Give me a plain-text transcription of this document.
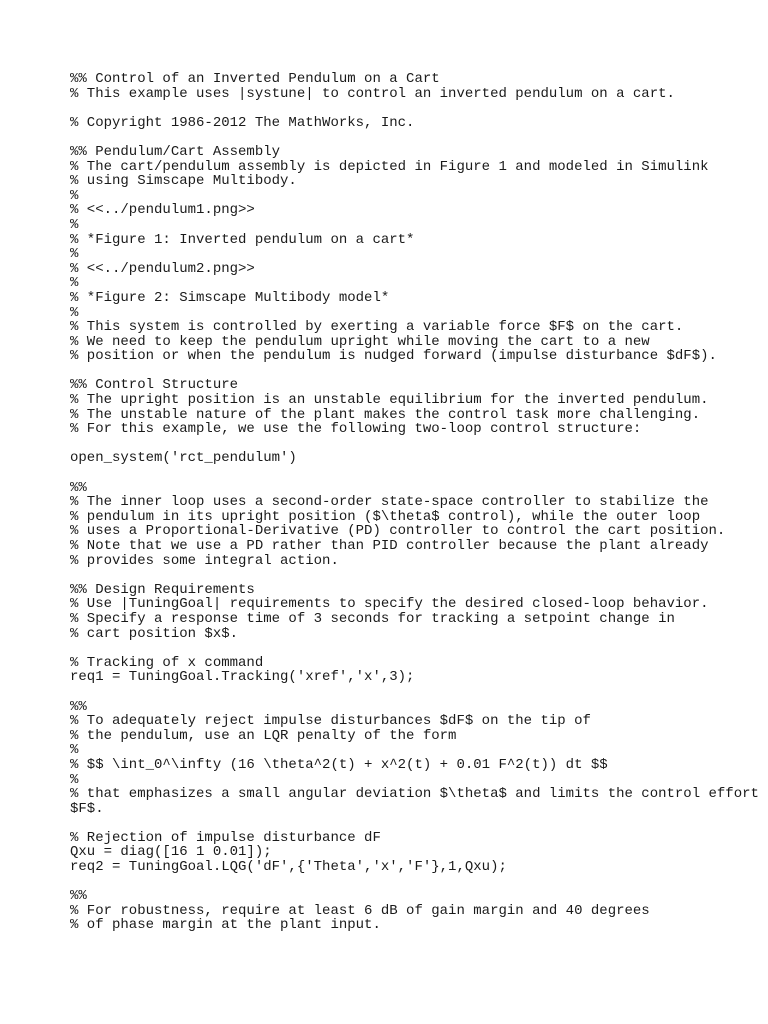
%% Control of an Inverted Pendulum on a Cart
% This example uses |systune| to control an inverted pendulum on a cart.
% Copyright 1986-2012 The MathWorks, Inc.
%% Pendulum/Cart Assembly
% The cart/pendulum assembly is depicted in Figure 1 and modeled in Simulink
% using Simscape Multibody.
%
% <<../pendulum1.png>>
%
% *Figure 1: Inverted pendulum on a cart*
%
% <<../pendulum2.png>>
%
% *Figure 2: Simscape Multibody model*
%
% This system is controlled by exerting a variable force $F$ on the cart.
% We need to keep the pendulum upright while moving the cart to a new
% position or when the pendulum is nudged forward (impulse disturbance $dF$).
%% Control Structure
% The upright position is an unstable equilibrium for the inverted pendulum.
% The unstable nature of the plant makes the control task more challenging.
% For this example, we use the following two-loop control structure:
open_system('rct_pendulum')
%%
% The inner loop uses a second-order state-space controller to stabilize the
% pendulum in its upright position ($\theta$ control), while the outer loop
% uses a Proportional-Derivative (PD) controller to control the cart position.
% Note that we use a PD rather than PID controller because the plant already
% provides some integral action.
%% Design Requirements
% Use |TuningGoal| requirements to specify the desired closed-loop behavior.
% Specify a response time of 3 seconds for tracking a setpoint change in
% cart position $x$.
% Tracking of x command
req1 = TuningGoal.Tracking('xref','x',3);
%%
% To adequately reject impulse disturbances $dF$ on the tip of
% the pendulum, use an LQR penalty of the form
%
% $$ \int_0^\infty (16 \theta^2(t) + x^2(t) + 0.01 F^2(t)) dt $$
%
% that emphasizes a small angular deviation $\theta$ and limits the control effort
$F$.
% Rejection of impulse disturbance dF
Qxu = diag([16 1 0.01]);
req2 = TuningGoal.LQG('dF',{'Theta','x','F'},1,Qxu);
%%
% For robustness, require at least 6 dB of gain margin and 40 degrees
% of phase margin at the plant input.
